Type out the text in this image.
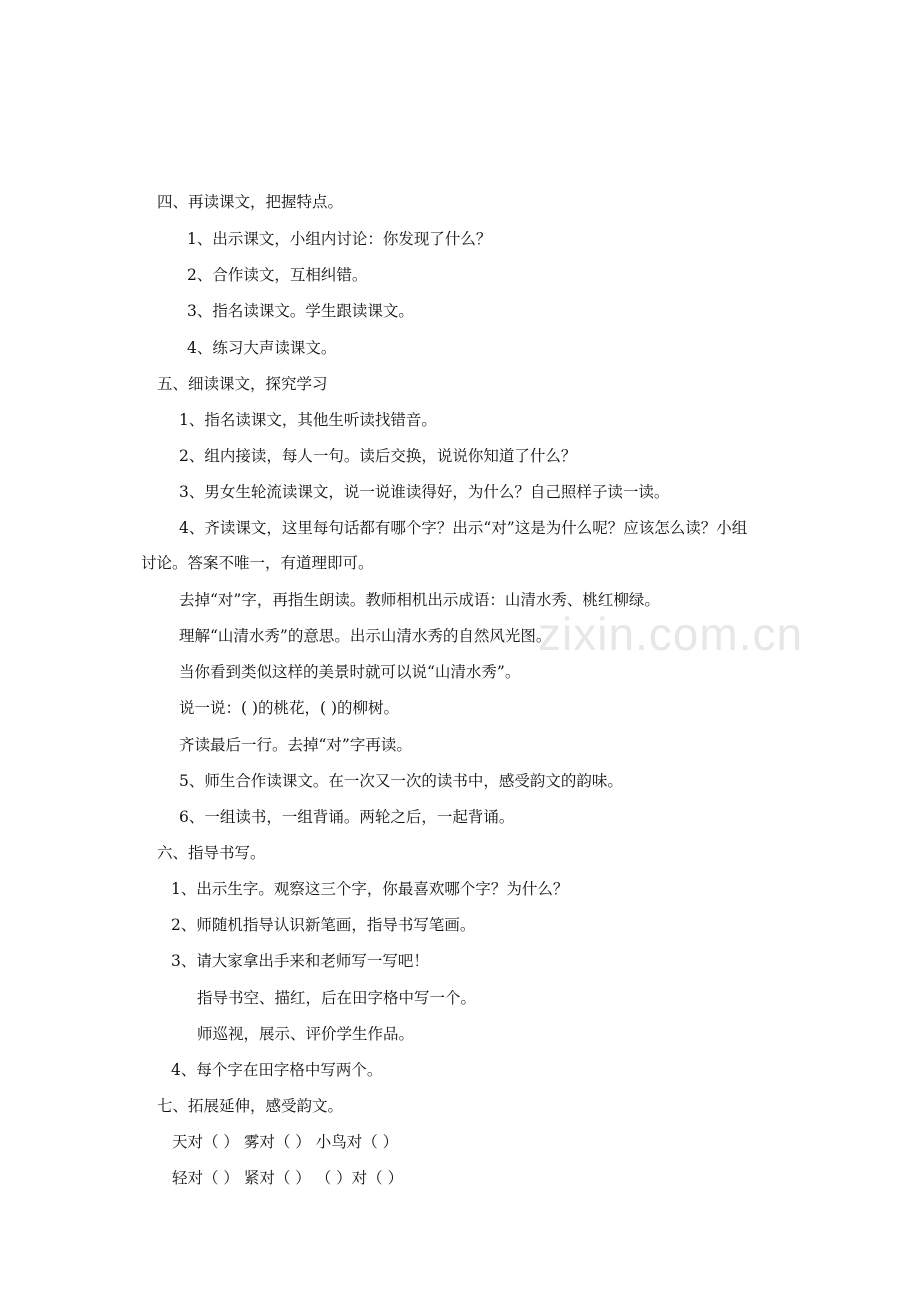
四、再读课文，把握特点。
1、出示课文，小组内讨论：你发现了什么？
2、合作读文，互相纠错。
3、指名读课文。学生跟读课文。
4、练习大声读课文。
五、细读课文，探究学习
1、指名读课文，其他生听读找错音。
2、组内接读，每人一句。读后交换，说说你知道了什么？
3、男女生轮流读课文，说一说谁读得好，为什么？自己照样子读一读。
4、齐读课文，这里每句话都有哪个字？出示“对”这是为什么呢？应该怎么读？小组
讨论。答案不唯一，有道理即可。
去掉“对”字，再指生朗读。教师相机出示成语：山清水秀、桃红柳绿。
理解“山清水秀”的意思。出示山清水秀的自然风光图。
当你看到类似这样的美景时就可以说“山清水秀”。
说一说：( )的桃花，( )的柳树。
齐读最后一行。去掉“对”字再读。
5、师生合作读课文。在一次又一次的读书中，感受韵文的韵味。
6、一组读书，一组背诵。两轮之后，一起背诵。
六、指导书写。
1、出示生字。观察这三个字，你最喜欢哪个字？为什么？
2、师随机指导认识新笔画，指导书写笔画。
3、请大家拿出手来和老师写一写吧！
指导书空、描红，后在田字格中写一个。
师巡视，展示、评价学生作品。
4、每个字在田字格中写两个。
七、拓展延伸，感受韵文。
天对（ ） 雾对（ ） 小鸟对（ ）
轻对（ ） 紧对（ ） （ ）对（ ）
zixin.com.cn
